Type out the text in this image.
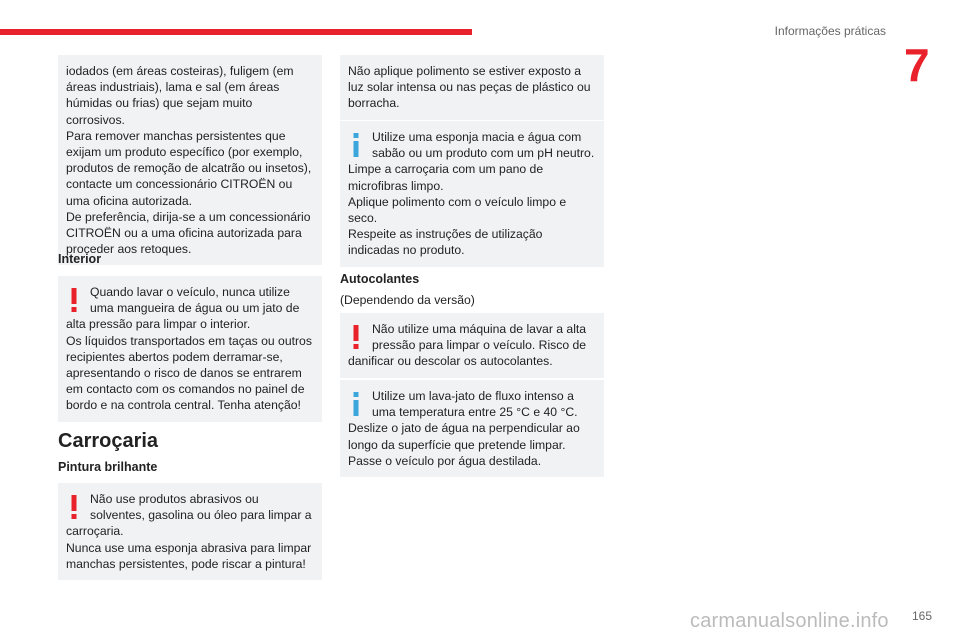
Informações práticas
7

iodados (em áreas costeiras), fuligem (em

áreas industriais), lama e sal (em áreas

húmidas ou frias) que sejam muito corrosivos.

Para remover manchas persistentes que

exijam um produto específico (por exemplo,

produtos de remoção de alcatrão ou insetos),

contacte um concessionário CITROËN ou

uma oficina autorizada.

De preferência, dirija-se a um concessionário

CITROËN ou a uma oficina autorizada para

proceder aos retoques.

Interior

Quando lavar o veículo, nunca utilize

uma mangueira de água ou um jato de

alta pressão para limpar o interior.

Os líquidos transportados em taças ou outros

recipientes abertos podem derramar-se,

apresentando o risco de danos se entrarem

em contacto com os comandos no painel de

bordo e na controla central. Tenha atenção!

Carroçaria
Pintura brilhante

Não use produtos abrasivos ou

solventes, gasolina ou óleo para limpar a

carroçaria.

Nunca use uma esponja abrasiva para limpar

manchas persistentes, pode riscar a pintura!

Não aplique polimento se estiver exposto a

luz solar intensa ou nas peças de plástico ou

borracha.

Utilize uma esponja macia e água com

sabão ou um produto com um pH neutro.

Limpe a carroçaria com um pano de

microfibras limpo.

Aplique polimento com o veículo limpo e

seco.

Respeite as instruções de utilização

indicadas no produto.

Autocolantes
(Dependendo da versão)

Não utilize uma máquina de lavar a alta

pressão para limpar o veículo. Risco de

danificar ou descolar os autocolantes.

Utilize um lava-jato de fluxo intenso a

uma temperatura entre 25 °C e 40 °C.

Deslize o jato de água na perpendicular ao

longo da superfície que pretende limpar.

Passe o veículo por água destilada.

carmanualsonline.info 165
